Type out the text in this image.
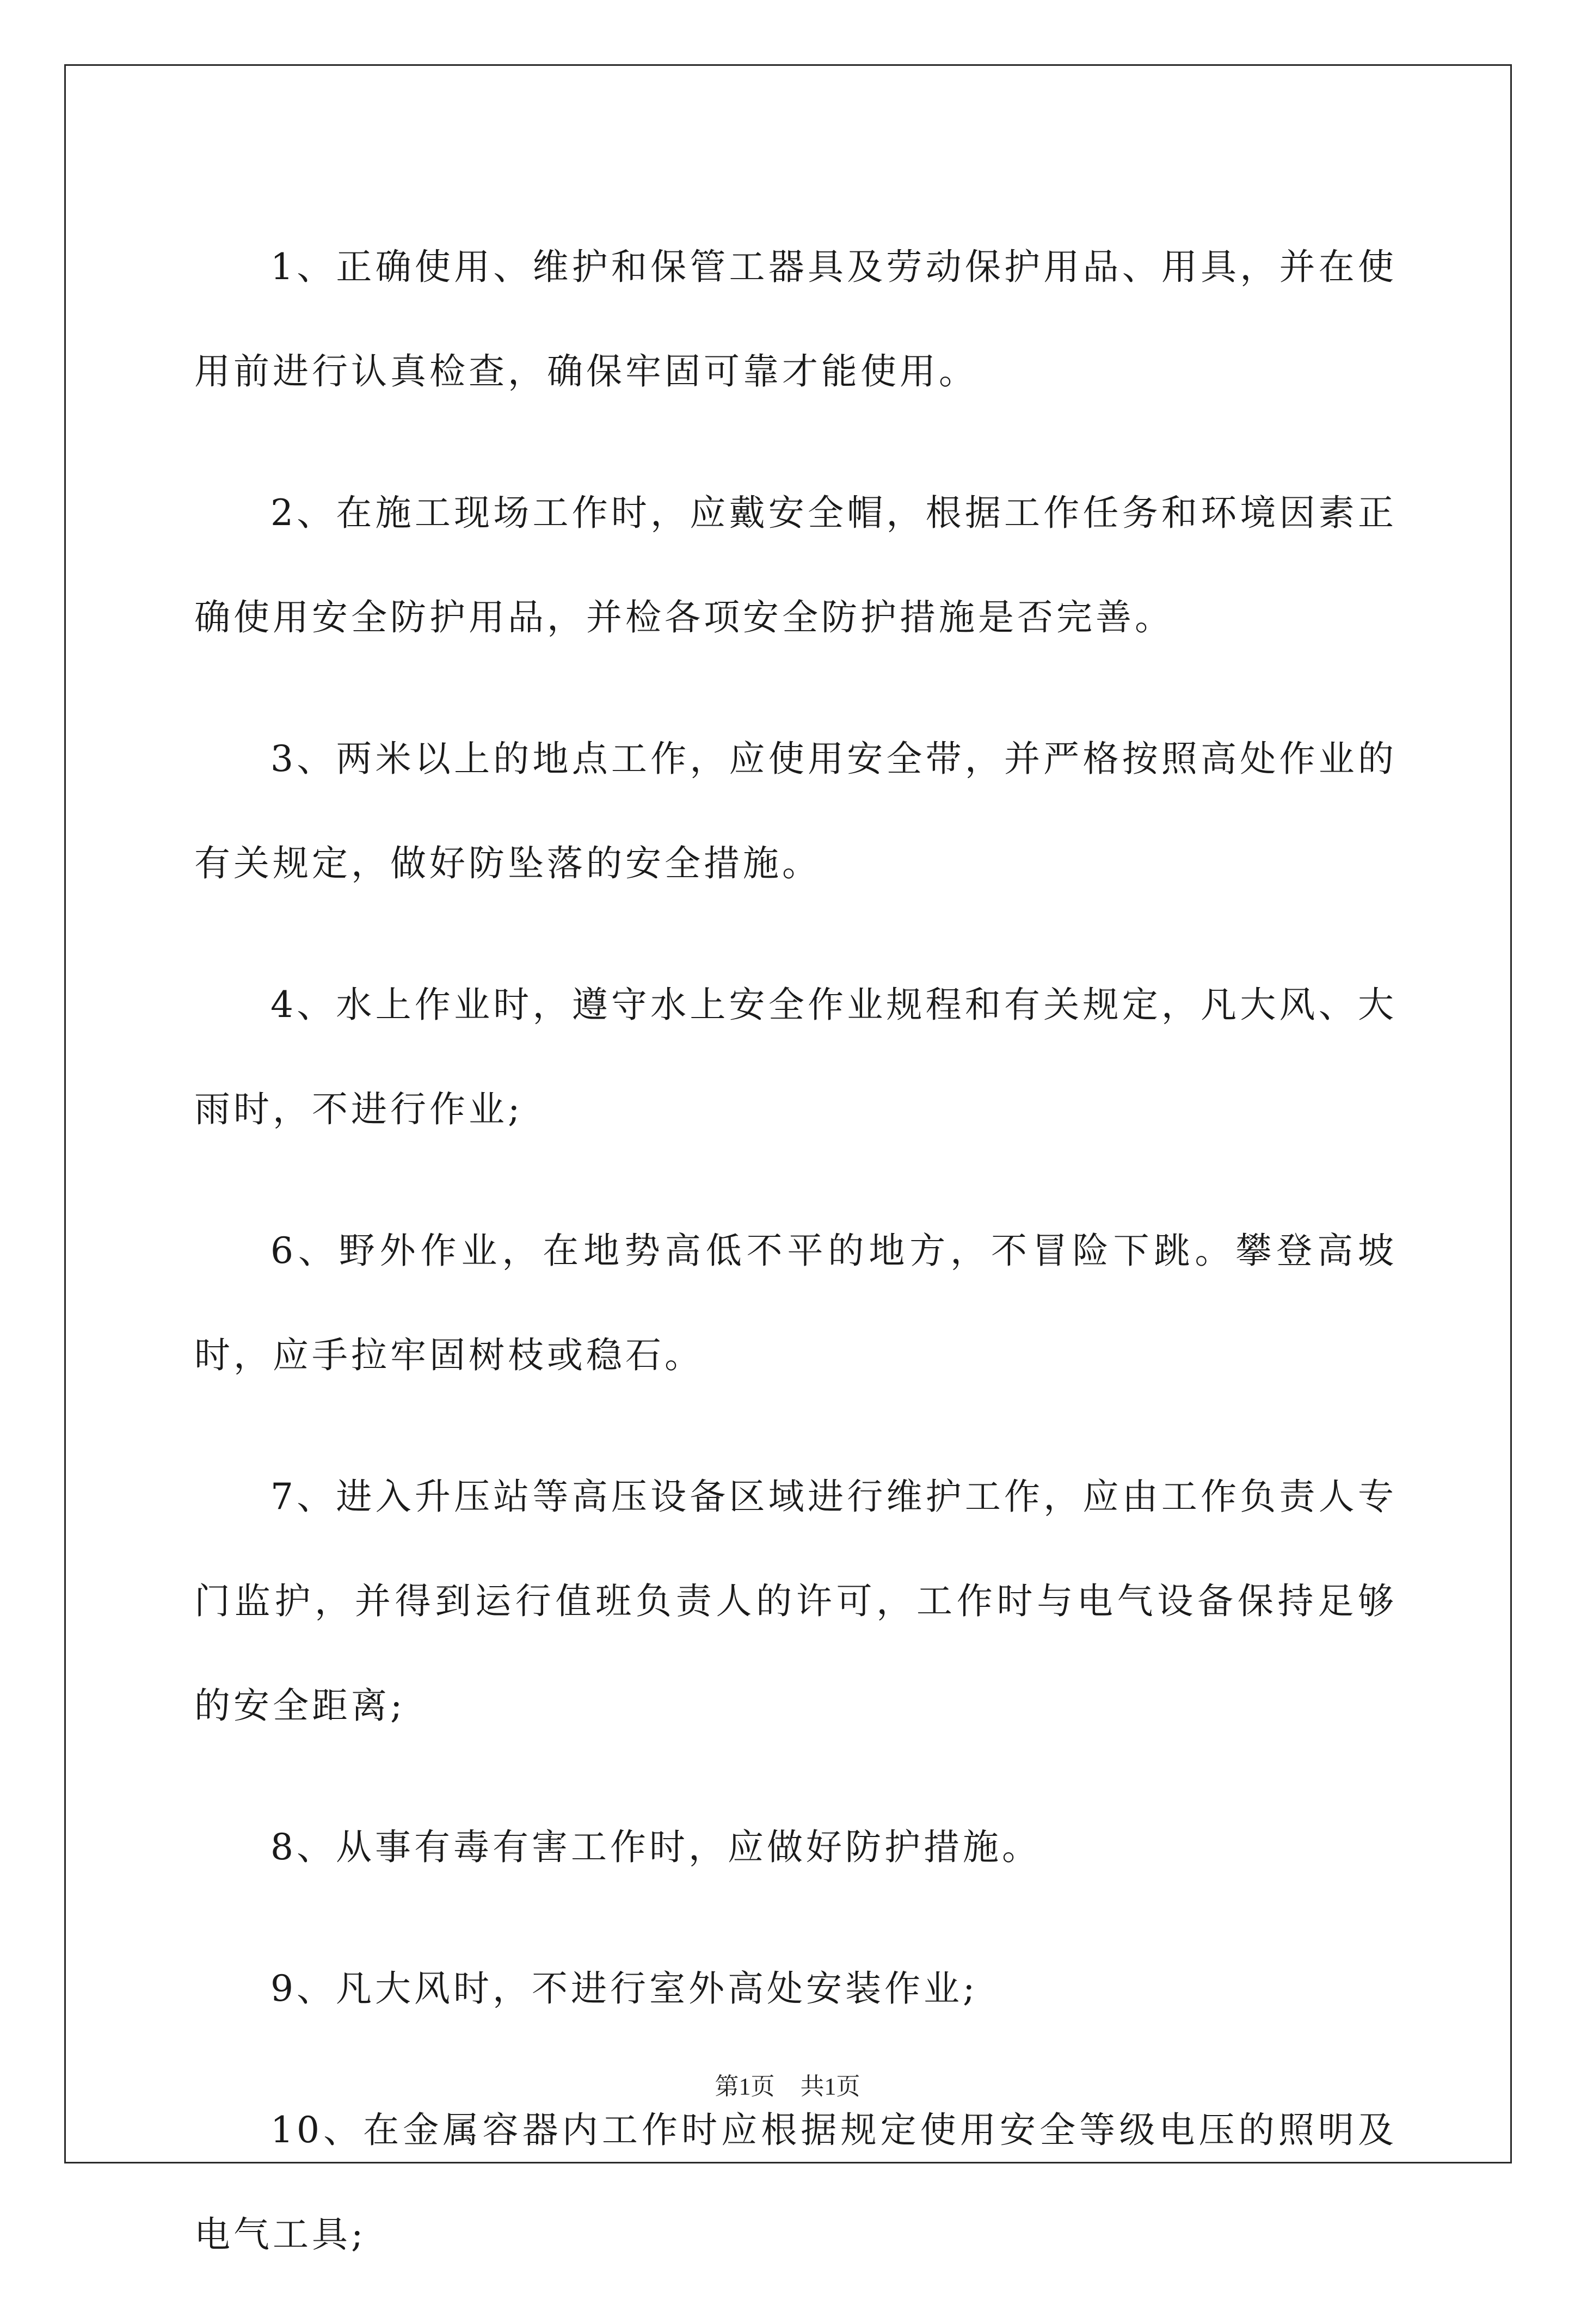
1、正确使用、维护和保管工器具及劳动保护用品、用具，并在使用前进行认真检查，确保牢固可靠才能使用。

2、在施工现场工作时，应戴安全帽，根据工作任务和环境因素正确使用安全防护用品，并检各项安全防护措施是否完善。

3、两米以上的地点工作，应使用安全带，并严格按照高处作业的有关规定，做好防坠落的安全措施。

4、水上作业时，遵守水上安全作业规程和有关规定，凡大风、大雨时，不进行作业;

6、野外作业，在地势高低不平的地方，不冒险下跳。攀登高坡时，应手拉牢固树枝或稳石。

7、进入升压站等高压设备区域进行维护工作，应由工作负责人专门监护，并得到运行值班负责人的许可，工作时与电气设备保持足够的安全距离;

8、从事有毒有害工作时，应做好防护措施。

9、凡大风时，不进行室外高处安装作业;

10、在金属容器内工作时应根据规定使用安全等级电压的照明及电气工具;

第1页 共1页
